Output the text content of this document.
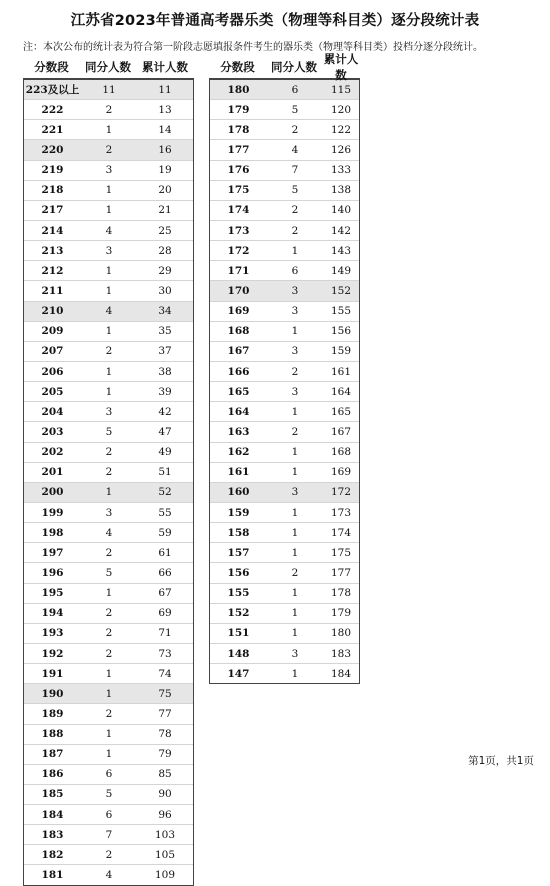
江苏省2023年普通高考器乐类（物理等科目类）逐分段统计表
注：本次公布的统计表为符合第一阶段志愿填报条件考生的器乐类（物理等科目类）投档分逐分段统计。
分数段	同分人数 累计人数
223及以上	11	11
222	2	13
221	1	14
220	2	16
219	3	19
218	1	20
217	1	21
214	4	25
213	3	28
212	1	29
211	1	30
210	4	34
209	1	35
207	2	37
206	1	38
205	1	39
204	3	42
203	5	47
202	2	49
201	2	51
200	1	52
199	3	55
198	4	59
197	2	61
196	5	66
195	1	67
194	2	69
193	2	71
192	2	73
191	1	74
190	1	75
189	2	77
188	1	78
187	1	79
186	6	85
185	5	90
184	6	96
183	7	103
182	2	105
181	4	109
分数段	同分人数
累计人数
180	6	115
179	5	120
178	2	122
177	4	126
176	7	133
175	5	138
174	2	140
173	2	142
172	1	143
171	6	149
170	3	152
169	3	155
168	1	156
167	3	159
166	2	161
165	3	164
164	1	165
163	2	167
162	1	168
161	1	169
160	3	172
159	1	173
158	1	174
157	1	175
156	2	177
155	1	178
152	1	179
151	1	180
148	3	183
147	1	184
第1页，共1页
